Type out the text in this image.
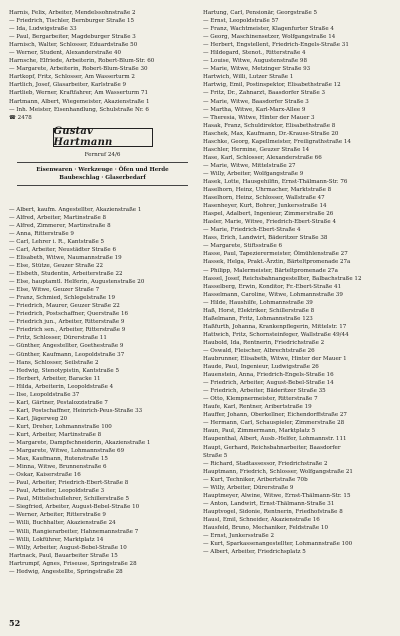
Harnis, Felix, Arbeiter, Mendelssohnstraße 2
— Friedrich, Tischler, Bernburger Straße 15
— Ida, Ludwigstraße 33
— Paul, Bergarbeiter, Magdeburger Straße 3
Harnisch, Walter, Schlosser, Eduardstraße 50
— Werner, Student, Alexanderstraße 40
Harnsche, Elfriede, Arbeiterin, Robert-Blum-Str. 60
— Margarete, Arbeiterin, Robert-Blum-Straße 30
Hartkopf, Fritz, Schlosser, Am Wasserturm 2
Hartlich, Josef, Glasarbeiter, Karlstraße 9
Hartlieb, Werner, Kraftfahrer, Am Wasserturm 71
Hartmann, Albert, Wiegemeister, Akazienstraße 1
— Inh. Meister, Eisenhandlung, Schulstraße Nr. 6
☎ 2478
Gustav Hartmann
Fernruf 24/6
Eisenwaren · Werkzeuge · Öfen und Herde
Baubeschlag · Glaserbedarf
— Albert, kaufm. Angestellter, Akazienstraße 1
— Alfred, Arbeiter, Martinstraße 8
— Alfred, Zimmerer, Martinstraße 8
— Anna, Ritterstraße 9
— Carl, Lehrer i. R., Kantstraße 5
— Carl, Arbeiter, Neustädter Straße 6
— Elisabeth, Witwe, Naumannstraße 19
— Else, Stütze, Geuzer Straße 22
— Elsbeth, Studentin, Arbeiterstraße 22
— Else, hauptamtl. Helferin, Augustenstraße 20
— Else, Witwe, Geuzer Straße 7
— Franz, Schmied, Schlegelstraße 19
— Friedrich, Maurer, Geuzer Straße 22
— Friedrich, Postschaffner, Querstraße 16
— Friedrich jun., Arbeiter, Ritterstraße 9
— Friedrich sen., Arbeiter, Ritterstraße 9
— Fritz, Schlosser, Dürerstraße 11
— Günther, Angestellter, Goethestraße 9
— Günther, Kaufmann, Leopoldstraße 37
— Hans, Schlosser, Seilstraße 2
— Hedwig, Stenotypistin, Kantstraße 5
— Herbert, Arbeiter, Baracke 11
— Hilda, Arbeiterin, Leopoldstraße 4
— Ilse, Leopoldstraße 37
— Karl, Gärtner, Pestalozzistraße 7
— Karl, Postschaffner, Heinrich-Peus-Straße 33
— Karl, Jägerweg 20
— Kurt, Dreher, Lohmannstraße 100
— Kurt, Arbeiter, Martinstraße 8
— Margarete, Dampfschneiderin, Akazienstraße 1
— Margarete, Witwe, Lohmannstraße 69
— Max, Kaufmann, Rutenstraße 15
— Minna, Witwe, Brunnenstraße 6
— Oskar, Kaiserstraße 16
— Paul, Arbeiter, Friedrich-Ebert-Straße 8
— Paul, Arbeiter, Leopoldstraße 3
— Paul, Mittelschullehrer, Schillerstraße 5
— Siegfried, Arbeiter, August-Bebel-Straße 10
— Werner, Arbeiter, Ritterstraße 9
— Willi, Buchhalter, Akazienstraße 24
— Willi, Rangierarbeiter, Hahnemannstraße 7
— Willi, Lokführer, Marktplatz 14
— Willy, Arbeiter, August-Bebel-Straße 10
Hartnack, Paul, Bauarbeiter Straße 15
Hartrumpf, Agnes, Friseuse, Springstraße 28
— Hedwig, Angestellte, Springstraße 28
Hartung, Carl, Pensionär, Georgstraße 5
— Ernst, Leopoldstraße 57
— Franz, Wachtmeister, Klagenfurter Straße 4
— Georg, Maschinensetzer, Wolfgangstraße 14
— Herbert, Engstellent, Friedrich-Engels-Straße 31
— Hildegard, Stenot., Ritterstraße 4
— Louise, Witwe, Augustenstraße 98
— Marie, Witwe, Metzinger Straße 93
Hartwich, Willi, Lutzer Straße 1
Hartwig, Emil, Postinspektor, Elisabethstraße 12
— Fritz, Dr., Zahnarzt, Baasdorfer Straße 3
— Marie, Witwe, Baasdorfer Straße 3
— Martha, Witwe, Karl-Marx-Allee 9
— Theresia, Witwe, Hinter der Mauer 3
Hasak, Franz, Schuldirektor, Elisabethstraße 8
Haschek, Max, Kaufmann, Dr.-Krause-Straße 20
Haschke, Georg, Kapellmeister, Freiligrathstraße 14
Haschler, Hermine, Geuzer Straße 14
Hase, Karl, Schlosser, Alexanderstraße 66
— Marie, Witwe, Mittelstraße 27
— Willy, Arbeiter, Wolfgangstraße 9
Hasek, Lotte, Hausgehilfin, Ernst-Thälmann-Str. 76
Haselhorn, Heinz, Uhrmacher, Marktstraße 8
Haselhorn, Heinz, Schlosser, Wallstraße 47
Hasenheyer, Kurt, Bohrer, Junkersstraße 14
Haspel, Adalbert, Ingenieur, Zimmerstraße 26
Hasler, Marie, Witwe, Friedrich-Ebert-Straße 4
— Marie, Friedrich-Ebert-Straße 4
Hass, Erich, Landwirt, Bäderitzer Straße 38
— Margarete, Stiftsstraße 6
Hasse, Paul, Tapezierermeister, Ölmühlenstraße 27
Hassek, Helga, Prakt.-Ärztin, Bärteltpromenade 27a
— Philipp, Malermeister, Bärteltpromenade 27a
Hassel, Josef, Reichsbahnangestellter, Balbachstraße 12
Hasselberg, Erwin, Konditor, Fr.-Ebert-Straße 41
Hasselmann, Caroline, Witwe, Lohmannstraße 39
— Hilde, Haushilfe, Lohmannstraße 39
Haß, Horst, Elektriker, Schillerstraße 8
Haßelmann, Fritz, Lohmannstraße 123
Haßfurth, Johanna, Krankenpflegerin, Mittelstr. 17
Hattwich, Fritz, Schornsteinfeger, Wallstraße 49/44
Haubold, Ida, Rentnerin, Friedrichstraße 2
— Oswald, Fleischer, Albrechtstraße 26
Haubrunner, Elisabeth, Witwe, Hinter der Mauer 1
Haude, Paul, Ingenieur, Ludwigstraße 26
Hauenstein, Anna, Friedrich-Engels-Straße 16
— Friedrich, Arbeiter, August-Bebel-Straße 14
— Friedrich, Arbeiter, Bäderitzer Straße 35
— Otto, Klempnermeister, Ritterstraße 7
Haufe, Karl, Rentner, Aribertstraße 19
Hauffer, Johann, Oberkellner, Eichendorffstraße 27
— Hermann, Carl, Schauspieler, Zimmerstraße 28
Haun, Paul, Zimmermann, Marktplatz 5
Haupenthal, Albert, Ausb.-Helfer, Lohmannstr. 111
Haupt, Gerhard, Reichsbahnarbeiter, Baasdorfer
Straße 5
— Richard, Stadtassessor, Friedrichstraße 2
Hauptmann, Friedrich, Schlosser, Wolfgangstraße 21
— Kurt, Techniker, Aribertstraße 70b
— Willy, Arbeiter, Dürerstraße 9
Hauptmeyer, Alwine, Witwe, Ernst-Thälmann-Str. 15
— Anton, Landwirt, Ernst-Thälmann-Straße 31
Hauptvogel, Sidonie, Rentnerin, Friedhofstraße 8
Hausl, Emil, Schneider, Akazienstraße 16
Hausfeld, Bruno, Mechaniker, Feldstraße 10
— Ernst, Junkersstraße 2
— Kurt, Sparkassenangestellter, Lohmannstraße 100
— Albert, Arbeiter, Friedrichsplatz 5
52
